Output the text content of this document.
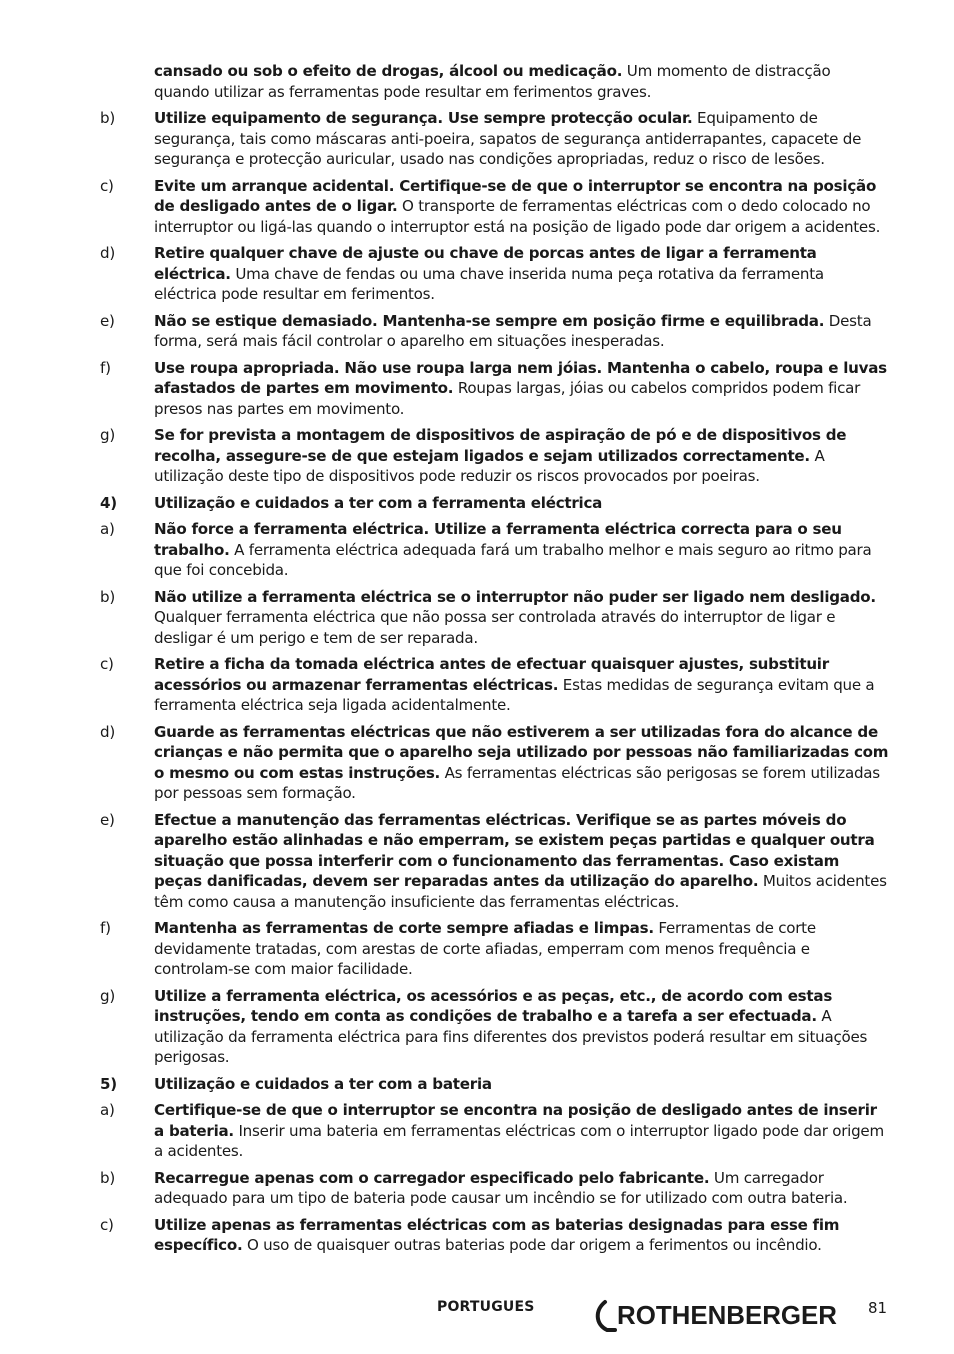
cansado ou sob o efeito de drogas, álcool ou medicação. Um momento de distracção quando utilizar as ferramentas pode resultar em ferimentos graves.
b)	Utilize equipamento de segurança. Use sempre protecção ocular. Equipamento de segurança, tais como máscaras anti-poeira, sapatos de segurança antiderrapantes, capacete de segurança e protecção auricular, usado nas condições apropriadas, reduz o risco de lesões.
c)	Evite um arranque acidental. Certifique-se de que o interruptor se encontra na posição de desligado antes de o ligar. O transporte de ferramentas eléctricas com o dedo colocado no interruptor ou ligá-las quando o interruptor está na posição de ligado pode dar origem a acidentes.
d)	Retire qualquer chave de ajuste ou chave de porcas antes de ligar a ferramenta eléctrica. Uma chave de fendas ou uma chave inserida numa peça rotativa da ferramenta eléctrica pode resultar em ferimentos.
e)	Não se estique demasiado. Mantenha-se sempre em posição firme e equilibrada. Desta forma, será mais fácil controlar o aparelho em situações inesperadas.
f)	Use roupa apropriada. Não use roupa larga nem jóias. Mantenha o cabelo, roupa e luvas afastados de partes em movimento. Roupas largas, jóias ou cabelos compridos podem ficar presos nas partes em movimento.
g)	Se for prevista a montagem de dispositivos de aspiração de pó e de dispositivos de recolha, assegure-se de que estejam ligados e sejam utilizados correctamente. A utilização deste tipo de dispositivos pode reduzir os riscos provocados por poeiras.
4)	Utilização e cuidados a ter com a ferramenta eléctrica
a)	Não force a ferramenta eléctrica. Utilize a ferramenta eléctrica correcta para o seu trabalho. A ferramenta eléctrica adequada fará um trabalho melhor e mais seguro ao ritmo para que foi concebida.
b)	Não utilize a ferramenta eléctrica se o interruptor não puder ser ligado nem desligado. Qualquer ferramenta eléctrica que não possa ser controlada através do interruptor de ligar e desligar é um perigo e tem de ser reparada.
c)	Retire a ficha da tomada eléctrica antes de efectuar quaisquer ajustes, substituir acessórios ou armazenar ferramentas eléctricas. Estas medidas de segurança evitam que a ferramenta eléctrica seja ligada acidentalmente.
d)	Guarde as ferramentas eléctricas que não estiverem a ser utilizadas fora do alcance de crianças e não permita que o aparelho seja utilizado por pessoas não familiarizadas com o mesmo ou com estas instruções. As ferramentas eléctricas são perigosas se forem utilizadas por pessoas sem formação.
e)	Efectue a manutenção das ferramentas eléctricas. Verifique se as partes móveis do aparelho estão alinhadas e não emperram, se existem peças partidas e qualquer outra situação que possa interferir com o funcionamento das ferramentas. Caso existam peças danificadas, devem ser reparadas antes da utilização do aparelho. Muitos acidentes têm como causa a manutenção insuficiente das ferramentas eléctricas.
f)	Mantenha as ferramentas de corte sempre afiadas e limpas. Ferramentas de corte devidamente tratadas, com arestas de corte afiadas, emperram com menos frequência e controlam-se com maior facilidade.
g)	Utilize a ferramenta eléctrica, os acessórios e as peças, etc., de acordo com estas instruções, tendo em conta as condições de trabalho e a tarefa a ser efectuada. A utilização da ferramenta eléctrica para fins diferentes dos previstos poderá resultar em situações perigosas.
5)	Utilização e cuidados a ter com a bateria
a)	Certifique-se de que o interruptor se encontra na posição de desligado antes de inserir a bateria. Inserir uma bateria em ferramentas eléctricas com o interruptor ligado pode dar origem a acidentes.
b)	Recarregue apenas com o carregador especificado pelo fabricante. Um carregador adequado para um tipo de bateria pode causar um incêndio se for utilizado com outra bateria.
c)	Utilize apenas as ferramentas eléctricas com as baterias designadas para esse fim específico. O uso de quaisquer outras baterias pode dar origem a ferimentos ou incêndio.
PORTUGUES	ROTHENBERGER 81
